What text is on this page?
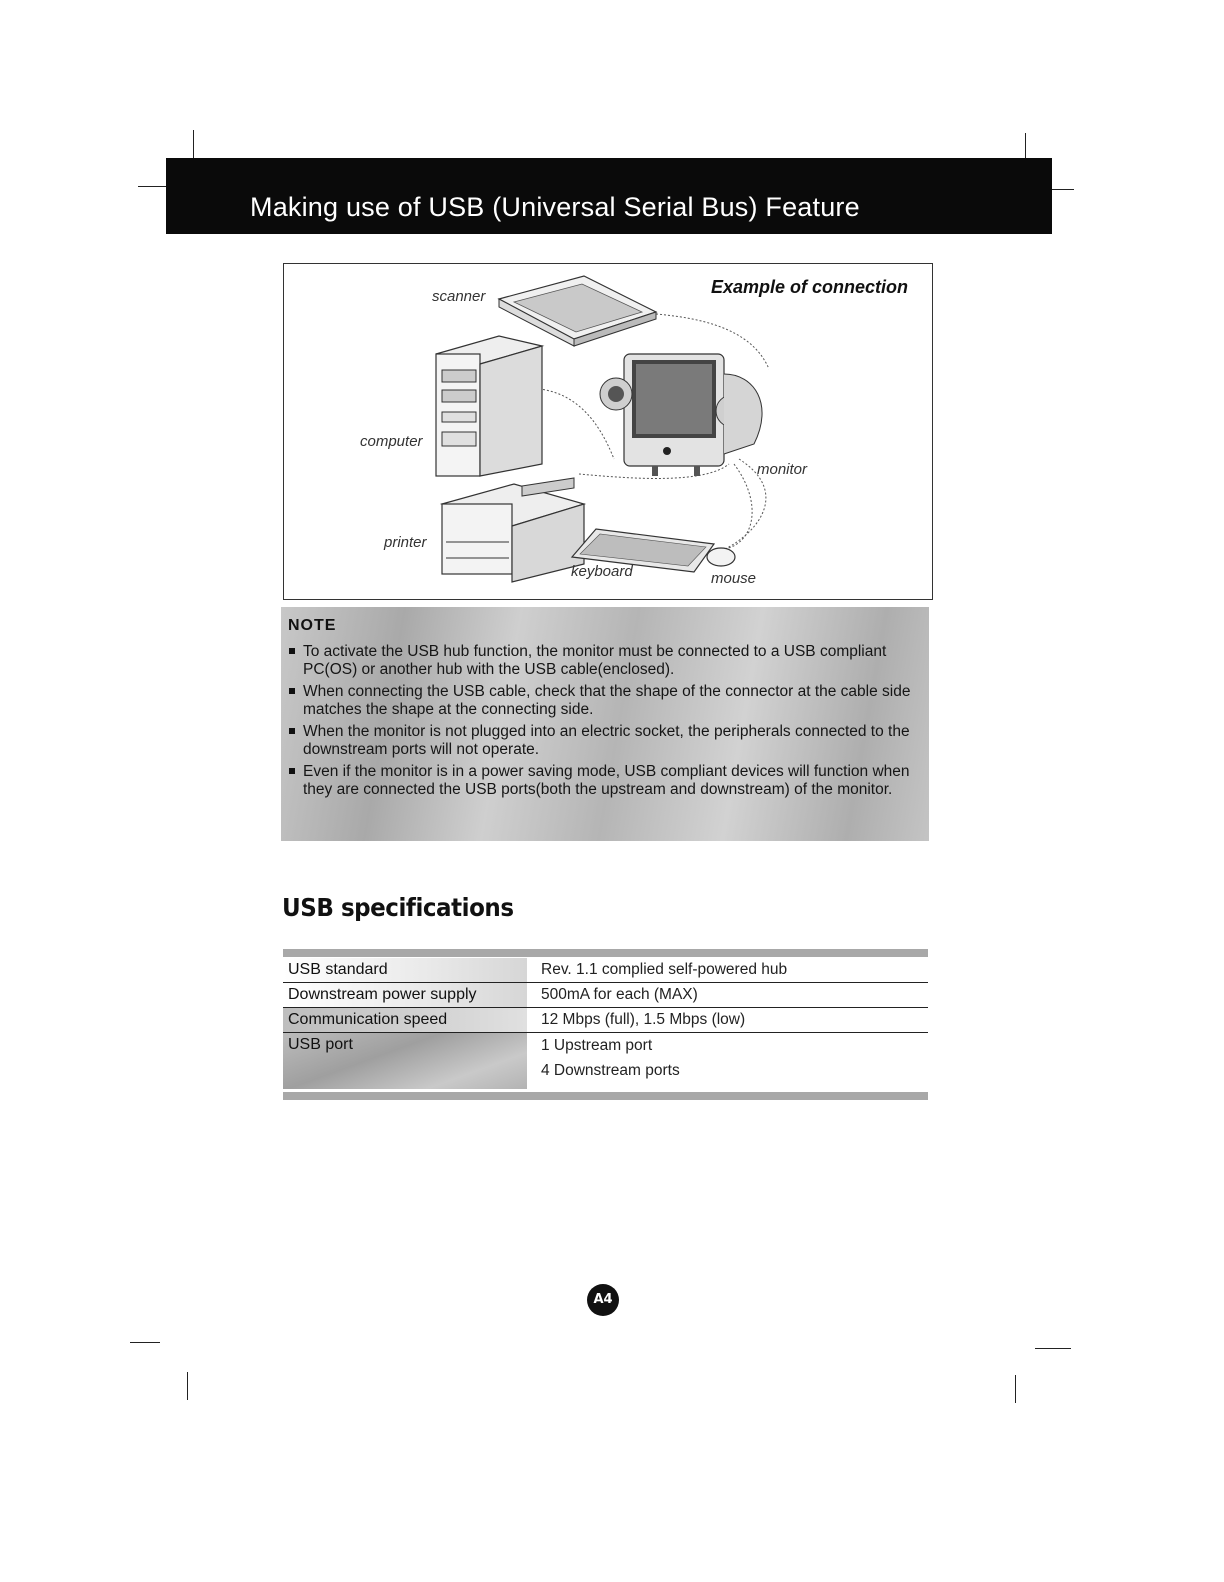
Making use of USB (Universal Serial Bus) Feature
Example of connection
scanner
computer
monitor
printer
keyboard	mouse
NOTE
To activate the USB hub function, the monitor must be connected to a USB compliant PC(OS) or another hub with the USB cable(enclosed).
When connecting the USB cable, check that the shape of the connector at the cable side matches the shape at the connecting side.
When the monitor is not plugged into an electric socket, the peripherals connected to the downstream ports will not operate.
Even if the monitor is in a power saving mode, USB compliant devices will function when they are connected the USB ports(both the upstream and downstream) of the monitor.
USB specifications
USB standard	Rev. 1.1 complied self-powered hub
Downstream power supply	500mA for each (MAX)
Communication speed	12 Mbps (full), 1.5 Mbps (low)
USB port	1 Upstream port
4 Downstream ports
A4
